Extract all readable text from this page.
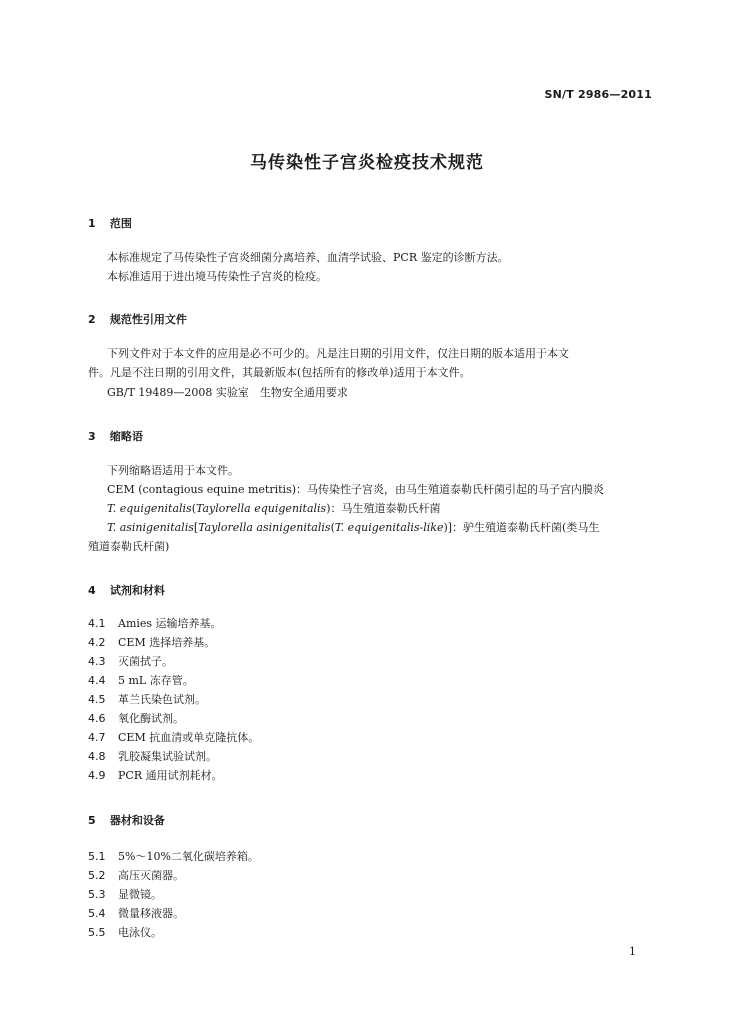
SN/T 2986—2011
马传染性子宫炎检疫技术规范
1 范围
本标准规定了马传染性子宫炎细菌分离培养、血清学试验、PCR 鉴定的诊断方法。
本标准适用于进出境马传染性子宫炎的检疫。
2 规范性引用文件
下列文件对于本文件的应用是必不可少的。凡是注日期的引用文件，仅注日期的版本适用于本文
件。凡是不注日期的引用文件，其最新版本(包括所有的修改单)适用于本文件。
GB/T 19489—2008 实验室　生物安全通用要求
3 缩略语
下列缩略语适用于本文件。
CEM (contagious equine metritis)：马传染性子宫炎，由马生殖道泰勒氏杆菌引起的马子宫内膜炎
T. equigenitalis(Taylorella equigenitalis)：马生殖道泰勒氏杆菌
T. asinigenitalis[Taylorella asinigenitalis(T. equigenitalis-like)]：驴生殖道泰勒氏杆菌(类马生
殖道泰勒氏杆菌)
4 试剂和材料
4.1 Amies 运输培养基。
4.2 CEM 选择培养基。
4.3 灭菌拭子。
4.4 5 mL 冻存管。
4.5 革兰氏染色试剂。
4.6 氧化酶试剂。
4.7 CEM 抗血清或单克隆抗体。
4.8 乳胶凝集试验试剂。
4.9 PCR 通用试剂耗材。
5 器材和设备
5.1 5%～10%二氧化碳培养箱。
5.2 高压灭菌器。
5.3 显微镜。
5.4 微量移液器。
5.5 电泳仪。
1
